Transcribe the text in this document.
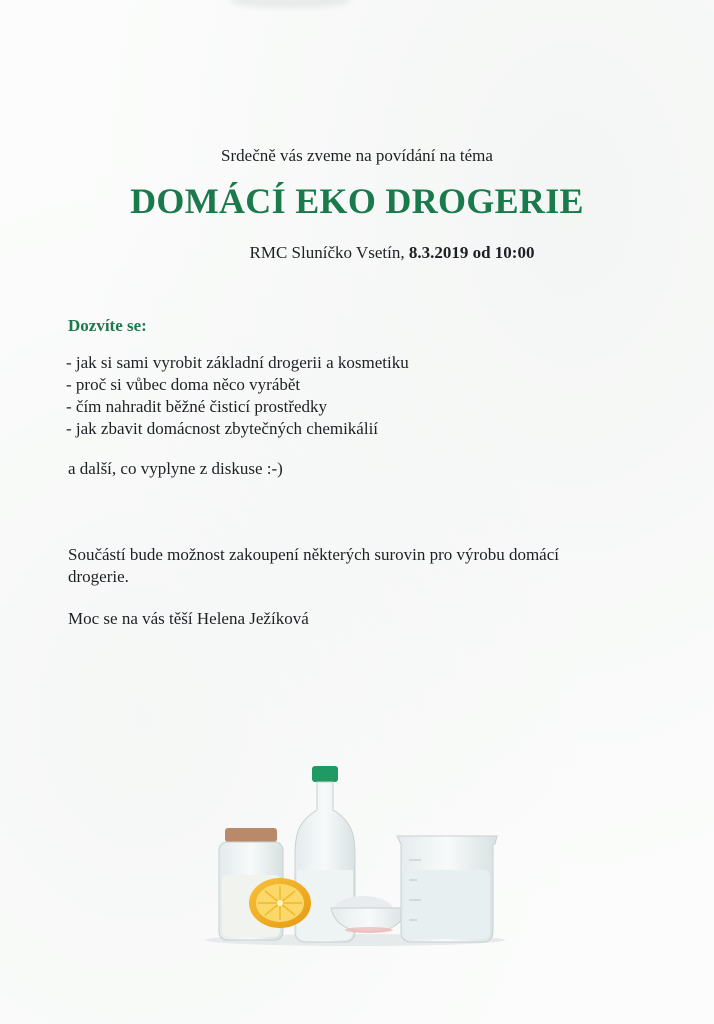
Srdečně vás zveme na povídání na téma
DOMÁCÍ EKO DROGERIE
RMC Sluníčko Vsetín, 8.3.2019 od 10:00
Dozvíte se:
- jak si sami vyrobit základní drogerii a kosmetiku
- proč si vůbec doma něco vyrábět
- čím nahradit běžné čisticí prostředky
- jak zbavit domácnost zbytečných chemikálií
a další, co vyplyne z diskuse :-)
Součástí bude možnost zakoupení některých surovin pro výrobu domácí
drogerie.
Moc se na vás těší Helena Ježíková
